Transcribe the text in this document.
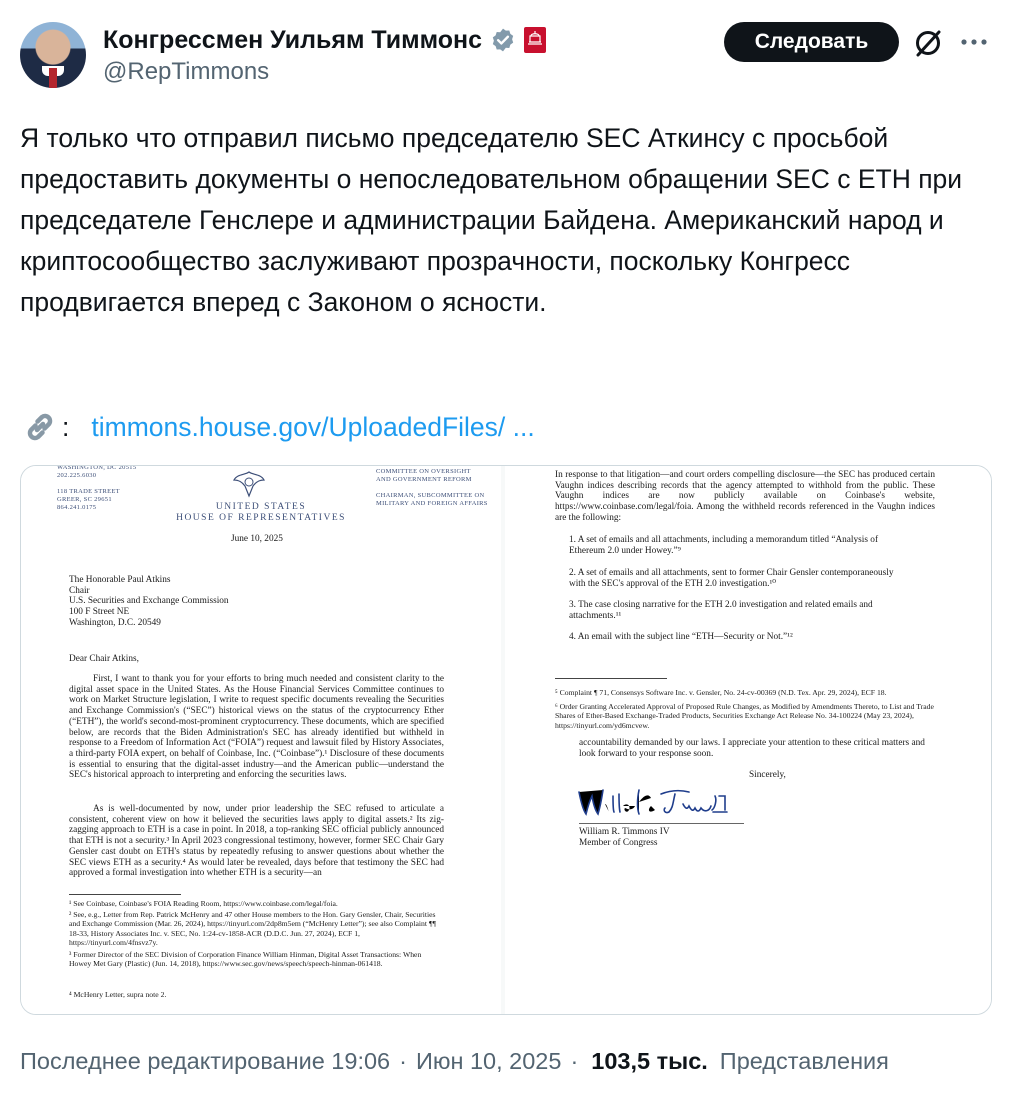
Конгрессмен Уильям Тиммонс
@RepTimmons
Следовать

Я только что отправил письмо председателю SEC Аткинсу с просьбой предоставить документы о непоследовательном обращении SEC с ETH при председателе Генслере и администрации Байдена. Американский народ и криптосообщество заслуживают прозрачности, поскольку Конгресс продвигается вперед с Законом о ясности.

: timmons.house.gov/UploadedFiles/ ...
WASHINGTON, DC 20515
202.225.6030

118 TRADE STREET
GREER, SC 29651
864.241.0175	UNITED STATES
HOUSE OF REPRESENTATIVES
COMMITTEE ON OVERSIGHT
AND GOVERNMENT REFORM

CHAIRMAN, SUBCOMMITTEE ON
MILITARY AND FOREIGN AFFAIRS
June 10, 2025
The Honorable Paul Atkins
Chair
U.S. Securities and Exchange Commission
100 F Street NE
Washington, D.C. 20549
Dear Chair Atkins,

First, I want to thank you for your efforts to bring much needed and consistent clarity to the digital asset space in the United States. As the House Financial Services Committee continues to work on Market Structure legislation, I write to request specific documents revealing the Securities and Exchange Commission's (“SEC”) historical views on the status of the cryptocurrency Ether (“ETH”), the world's second-most-prominent cryptocurrency. These documents, which are specified below, are records that the Biden Administration's SEC has already identified but withheld in response to a Freedom of Information Act (“FOIA”) request and lawsuit filed by History Associates, a third-party FOIA expert, on behalf of Coinbase, Inc. (“Coinbase”).¹ Disclosure of these documents is essential to ensuring that the digital-asset industry—and the American public—understand the SEC's historical approach to interpreting and enforcing the securities laws.

As is well-documented by now, under prior leadership the SEC refused to articulate a consistent, coherent view on how it believed the securities laws apply to digital assets.² Its zig-zagging approach to ETH is a case in point. In 2018, a top-ranking SEC official publicly announced that ETH is not a security.³ In April 2023 congressional testimony, however, former SEC Chair Gary Gensler cast doubt on ETH's status by repeatedly refusing to answer questions about whether the SEC views ETH as a security.⁴ As would later be revealed, days before that testimony the SEC had approved a formal investigation into whether ETH is a security—an

¹ See Coinbase, Coinbase's FOIA Reading Room, https://www.coinbase.com/legal/foia.

² See, e.g., Letter from Rep. Patrick McHenry and 47 other House members to the Hon. Gary Gensler, Chair, Securities and Exchange Commission (Mar. 26, 2024), https://tinyurl.com/2dp8m5em (“McHenry Letter”); see also Complaint ¶¶ 18-33, History Associates Inc. v. SEC, No. 1:24-cv-1858-ACR (D.D.C. Jun. 27, 2024), ECF 1, https://tinyurl.com/4fnsvz7y.

³ Former Director of the SEC Division of Corporation Finance William Hinman, Digital Asset Transactions: When Howey Met Gary (Plastic) (Jun. 14, 2018), https://www.sec.gov/news/speech/speech-hinman-061418.

⁴ McHenry Letter, supra note 2.

In response to that litigation—and court orders compelling disclosure—the SEC has produced certain Vaughn indices describing records that the agency attempted to withhold from the public. These Vaughn indices are now publicly available on Coinbase's website, https://www.coinbase.com/legal/foia. Among the withheld records referenced in the Vaughn indices are the following:

1. A set of emails and all attachments, including a memorandum titled “Analysis of Ethereum 2.0 under Howey.”⁹

2. A set of emails and all attachments, sent to former Chair Gensler contemporaneously with the SEC's approval of the ETH 2.0 investigation.¹⁰

3. The case closing narrative for the ETH 2.0 investigation and related emails and attachments.¹¹

4. An email with the subject line “ETH—Security or Not.”¹²

⁵ Complaint ¶ 71, Consensys Software Inc. v. Gensler, No. 24-cv-00369 (N.D. Tex. Apr. 29, 2024), ECF 18.

⁶ Order Granting Accelerated Approval of Proposed Rule Changes, as Modified by Amendments Thereto, to List and Trade Shares of Ether-Based Exchange-Traded Products, Securities Exchange Act Release No. 34-100224 (May 23, 2024), https://tinyurl.com/yd6mcvew.

accountability demanded by our laws. I appreciate your attention to these critical matters and look forward to your response soon.

Sincerely,
William R. Timmons IV
Member of Congress
Последнее редактирование 19:06 · Июн 10, 2025 · 103,5 тыс. Представления
